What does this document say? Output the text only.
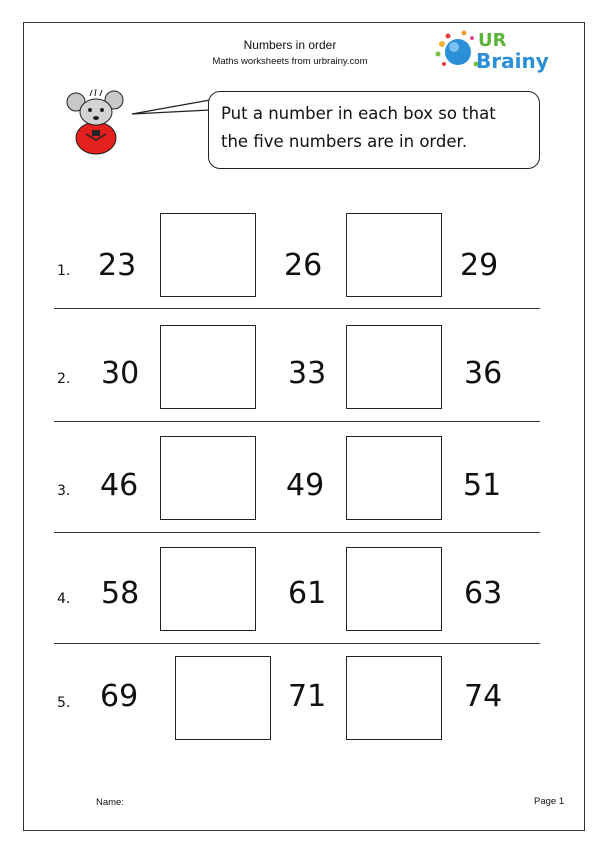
Numbers in order
Maths worksheets from urbrainy.com
UR
Brainy
Put a number in each box so that
the five numbers are in order.
1. 23	26	29
2. 30	33	36
3. 46	49	51
4. 58	61	63
5. 69	71	74
Name:	Page 1
